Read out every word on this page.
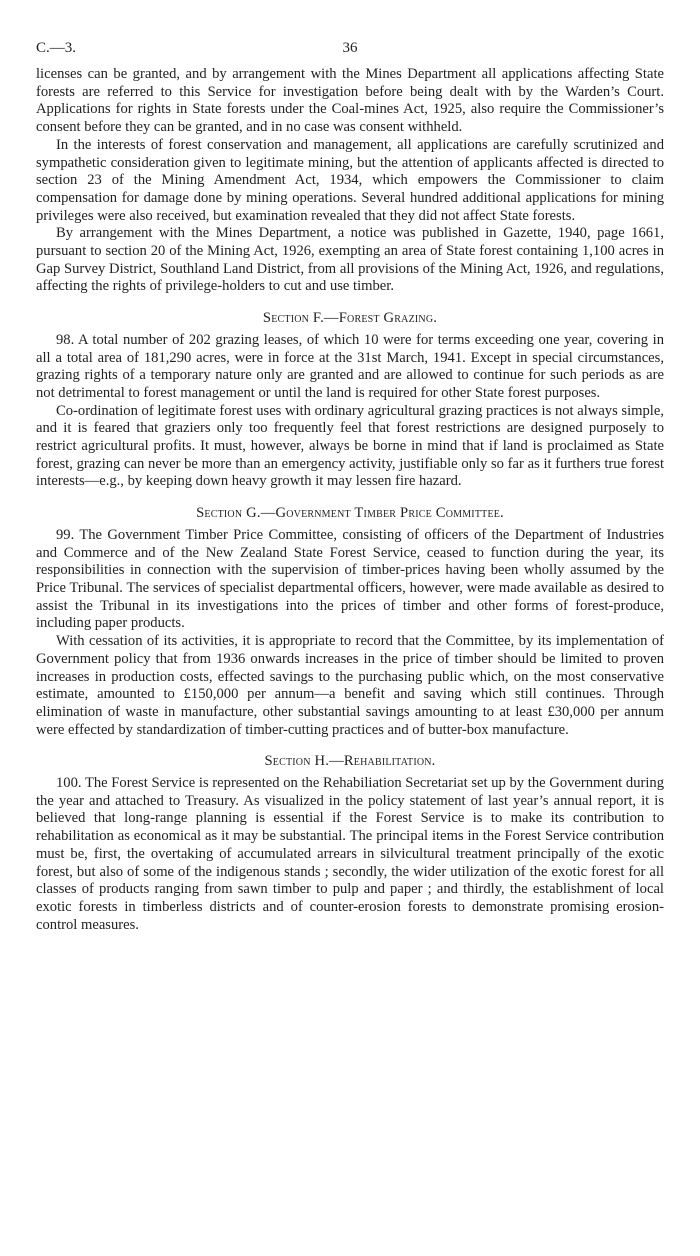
C.—3.	36

licenses can be granted, and by arrangement with the Mines Department all applications affecting State forests are referred to this Service for investigation before being dealt with by the Warden’s Court. Applications for rights in State forests under the Coal-mines Act, 1925, also require the Commissioner’s consent before they can be granted, and in no case was consent withheld.

In the interests of forest conservation and management, all applications are carefully scrutinized and sympathetic consideration given to legitimate mining, but the attention of applicants affected is directed to section 23 of the Mining Amendment Act, 1934, which empowers the Commissioner to claim compensation for damage done by mining operations. Several hundred additional applications for mining privileges were also received, but examination revealed that they did not affect State forests.

By arrangement with the Mines Department, a notice was published in Gazette, 1940, page 1661, pursuant to section 20 of the Mining Act, 1926, exempting an area of State forest containing 1,100 acres in Gap Survey District, Southland Land District, from all provisions of the Mining Act, 1926, and regulations, affecting the rights of privilege-holders to cut and use timber.

Section F.—Forest Grazing.

98. A total number of 202 grazing leases, of which 10 were for terms exceeding one year, covering in all a total area of 181,290 acres, were in force at the 31st March, 1941. Except in special circumstances, grazing rights of a temporary nature only are granted and are allowed to continue for such periods as are not detrimental to forest management or until the land is required for other State forest purposes.

Co-ordination of legitimate forest uses with ordinary agricultural grazing practices is not always simple, and it is feared that graziers only too frequently feel that forest restrictions are designed purposely to restrict agricultural profits. It must, however, always be borne in mind that if land is proclaimed as State forest, grazing can never be more than an emergency activity, justifiable only so far as it furthers true forest interests—e.g., by keeping down heavy growth it may lessen fire hazard.

Section G.—Government Timber Price Committee.

99. The Government Timber Price Committee, consisting of officers of the Department of Industries and Commerce and of the New Zealand State Forest Service, ceased to function during the year, its responsibilities in connection with the supervision of timber-prices having been wholly assumed by the Price Tribunal. The services of specialist departmental officers, however, were made available as desired to assist the Tribunal in its investigations into the prices of timber and other forms of forest-produce, including paper products.

With cessation of its activities, it is appropriate to record that the Committee, by its implementation of Government policy that from 1936 onwards increases in the price of timber should be limited to proven increases in production costs, effected savings to the purchasing public which, on the most conservative estimate, amounted to £150,000 per annum—a benefit and saving which still continues. Through elimination of waste in manufacture, other substantial savings amounting to at least £30,000 per annum were effected by standardization of timber-cutting practices and of butter-box manufacture.

Section H.—Rehabilitation.

100. The Forest Service is represented on the Rehabiliation Secretariat set up by the Government during the year and attached to Treasury. As visualized in the policy statement of last year’s annual report, it is believed that long-range planning is essential if the Forest Service is to make its contribution to rehabilitation as economical as it may be substantial. The principal items in the Forest Service contribution must be, first, the overtaking of accumulated arrears in silvicultural treatment principally of the exotic forest, but also of some of the indigenous stands ; secondly, the wider utilization of the exotic forest for all classes of products ranging from sawn timber to pulp and paper ; and thirdly, the establishment of local exotic forests in timberless districts and of counter-erosion forests to demonstrate promising erosion-control measures.
